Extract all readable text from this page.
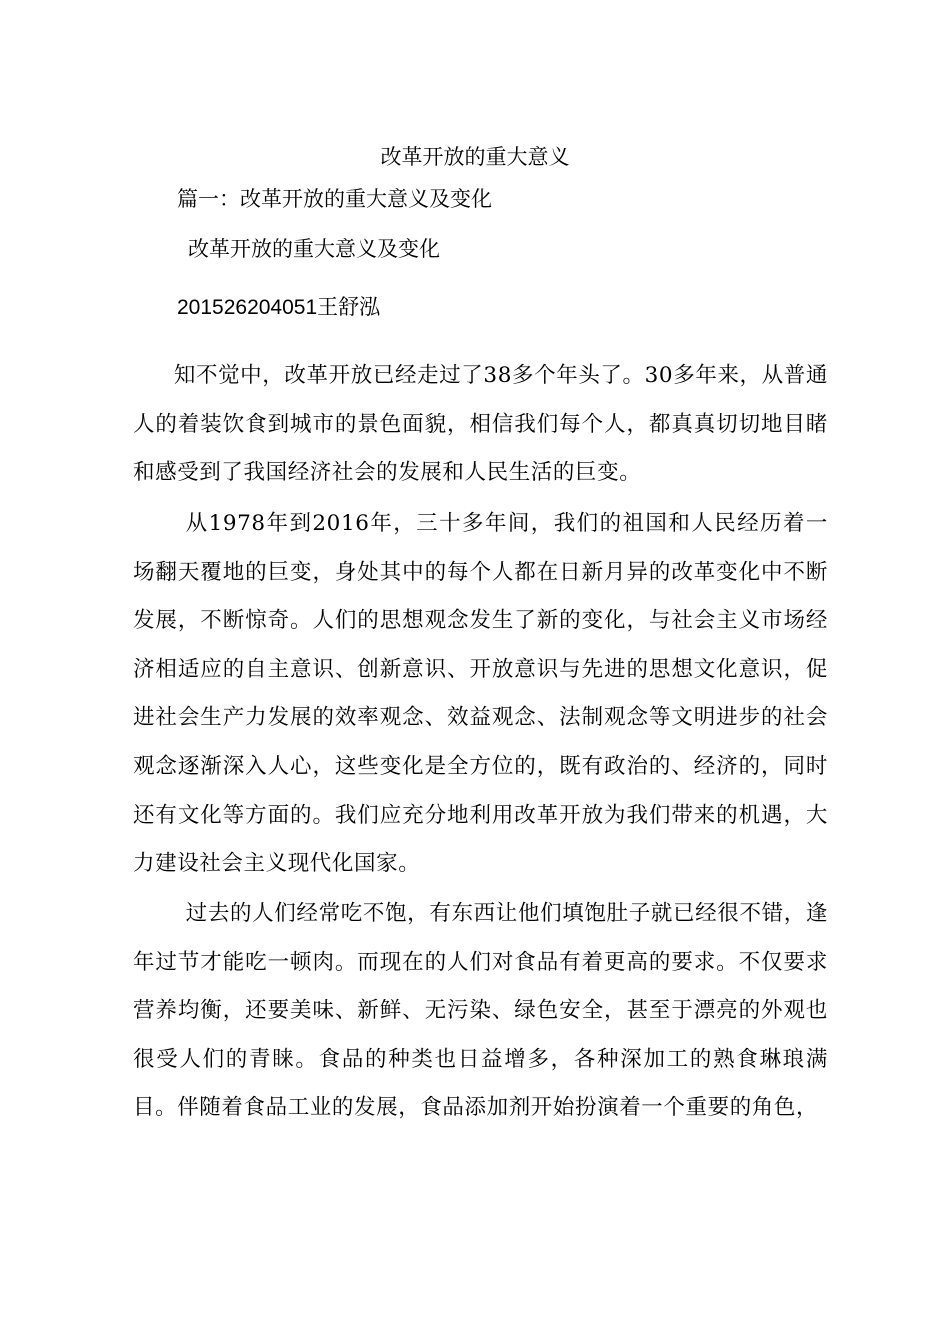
改革开放的重大意义
篇一：改革开放的重大意义及变化
改革开放的重大意义及变化
201526204051王舒泓
知不觉中，改革开放已经走过了38多个年头了。30多年来，从普通人的着装饮食到城市的景色面貌，相信我们每个人，都真真切切地目睹和感受到了我国经济社会的发展和人民生活的巨变。
从1978年到2016年，三十多年间，我们的祖国和人民经历着一场翻天覆地的巨变，身处其中的每个人都在日新月异的改革变化中不断发展，不断惊奇。人们的思想观念发生了新的变化，与社会主义市场经济相适应的自主意识、创新意识、开放意识与先进的思想文化意识，促进社会生产力发展的效率观念、效益观念、法制观念等文明进步的社会观念逐渐深入人心，这些变化是全方位的，既有政治的、经济的，同时还有文化等方面的。我们应充分地利用改革开放为我们带来的机遇，大力建设社会主义现代化国家。
过去的人们经常吃不饱，有东西让他们填饱肚子就已经很不错，逢年过节才能吃一顿肉。而现在的人们对食品有着更高的要求。不仅要求营养均衡，还要美味、新鲜、无污染、绿色安全，甚至于漂亮的外观也很受人们的青睐。食品的种类也日益增多，各种深加工的熟食琳琅满目。伴随着食品工业的发展，食品添加剂开始扮演着一个重要的角色，
